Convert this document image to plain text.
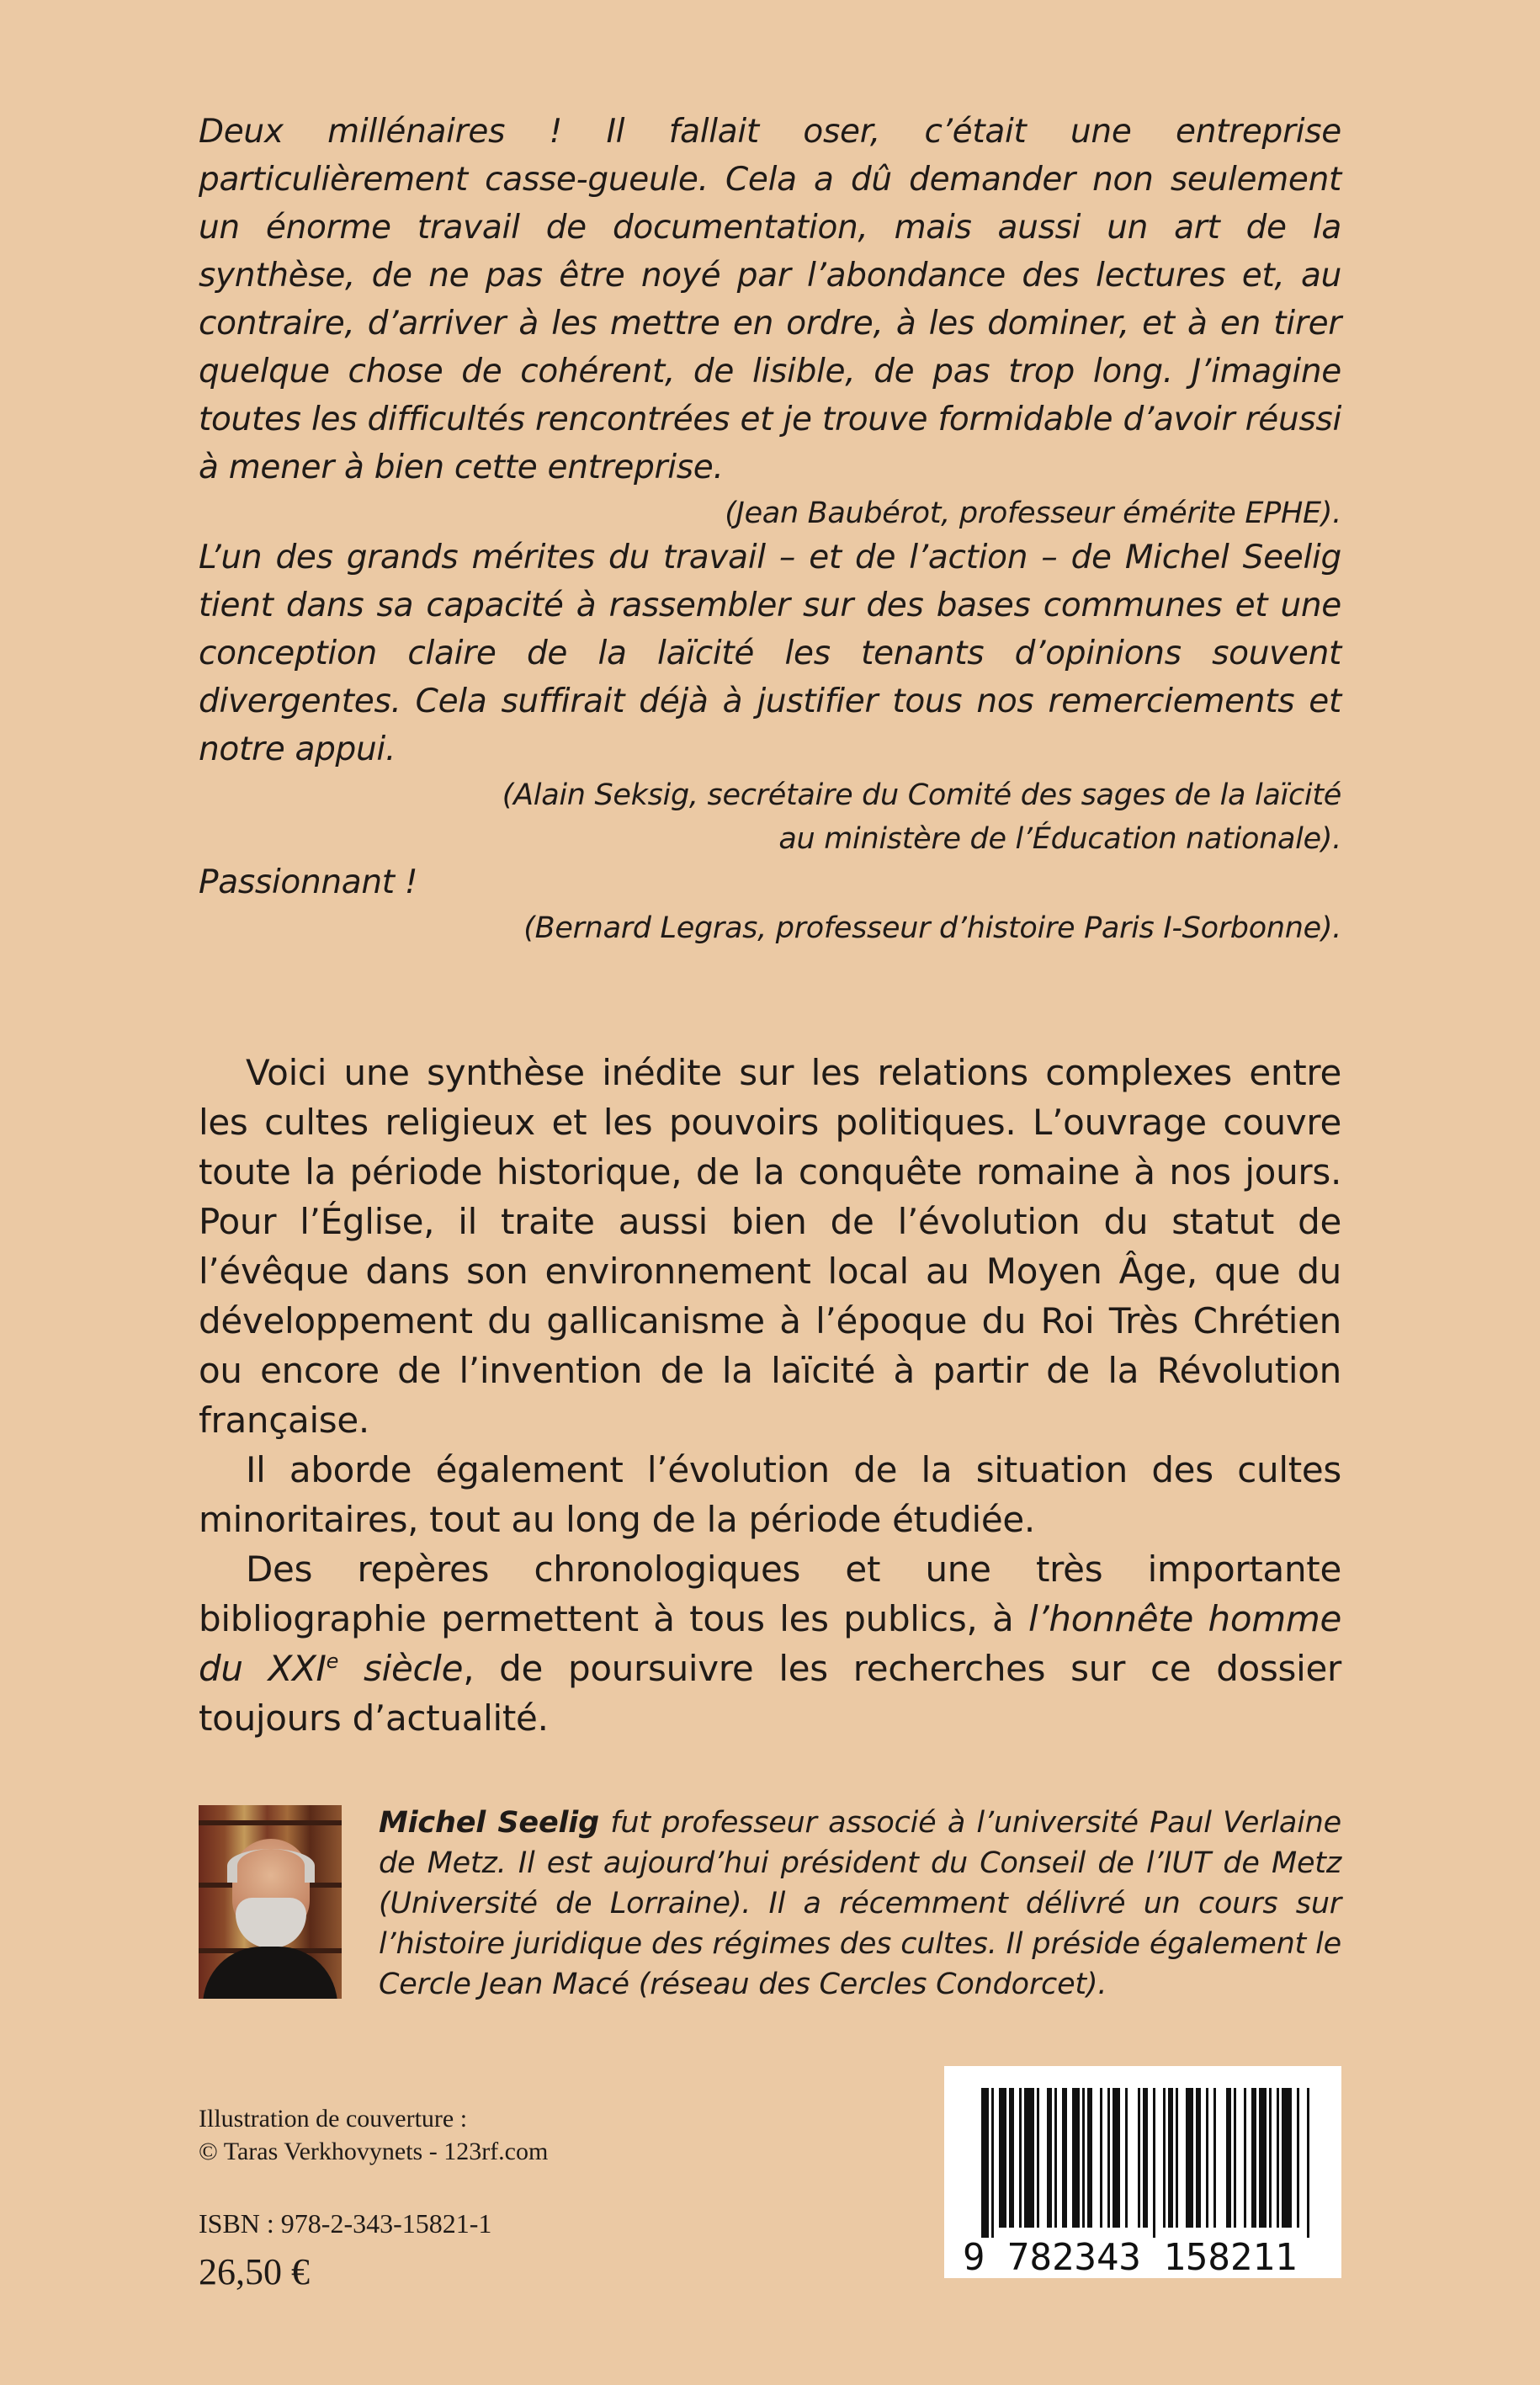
Deux millénaires ! Il fallait oser, c’était une entreprise particulièrement casse-gueule. Cela a dû demander non seulement un énorme travail de documentation, mais aussi un art de la synthèse, de ne pas être noyé par l’abondance des lectures et, au contraire, d’arriver à les mettre en ordre, à les dominer, et à en tirer quelque chose de cohérent, de lisible, de pas trop long. J’imagine toutes les difficultés rencontrées et je trouve formidable d’avoir réussi à mener à bien cette entreprise.

(Jean Baubérot, professeur émérite EPHE).

L’un des grands mérites du travail – et de l’action – de Michel Seelig tient dans sa capacité à rassembler sur des bases communes et une conception claire de la laïcité les tenants d’opinions souvent divergentes. Cela suffirait déjà à justifier tous nos remerciements et notre appui.

(Alain Seksig, secrétaire du Comité des sages de la laïcité

au ministère de l’Éducation nationale).

Passionnant !

(Bernard Legras, professeur d’histoire Paris I-Sorbonne).

Voici une synthèse inédite sur les relations complexes entre les cultes religieux et les pouvoirs politiques. L’ouvrage couvre toute la période historique, de la conquête romaine à nos jours. Pour l’Église, il traite aussi bien de l’évolution du statut de l’évêque dans son environnement local au Moyen Âge, que du développement du gallicanisme à l’époque du Roi Très Chrétien ou encore de l’invention de la laïcité à partir de la Révolution française.

Il aborde également l’évolution de la situation des cultes minoritaires, tout au long de la période étudiée.

Des repères chronologiques et une très importante bibliographie permettent à tous les publics, à l’honnête homme du XXIe siècle, de poursuivre les recherches sur ce dossier toujours d’actualité.

Michel Seelig fut professeur associé à l’université Paul Verlaine de Metz. Il est aujourd’hui président du Conseil de l’IUT de Metz (Université de Lorraine). Il a récemment délivré un cours sur l’histoire juridique des régimes des cultes. Il préside également le Cercle Jean Macé (réseau des Cercles Condorcet).

Illustration de couverture :

© Taras Verkhovynets - 123rf.com

ISBN : 978-2-343-15821-1

26,50 €	9 782343 158211
